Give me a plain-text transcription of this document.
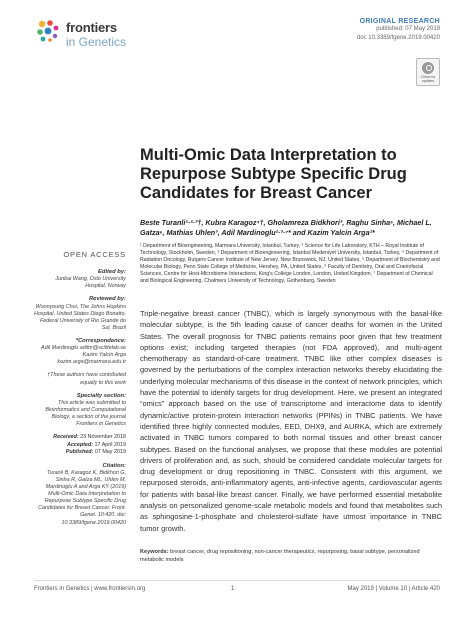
frontiers
in Genetics
ORIGINAL RESEARCH
published: 07 May 2019
doi: 10.3389/fgene.2019.00420
Check for updates
Multi-Omic Data Interpretation to Repurpose Subtype Specific Drug Candidates for Breast Cancer
Beste Turanli¹·²·³†, Kubra Karagoz⁴†, Gholamreza Bidkhori³, Raghu Sinha⁵, Michael L. Gatza⁶, Mathias Uhlen³, Adil Mardinoglu²·³·⁷* and Kazim Yalcin Arga¹*
¹ Department of Bioengineering, Marmara University, Istanbul, Turkey, ² Science for Life Laboratory, KTH – Royal Institute of Technology, Stockholm, Sweden, ³ Department of Bioengineering, Istanbul Medeniyet University, Istanbul, Turkey, ⁴ Department of Radiation Oncology, Rutgers Cancer Institute of New Jersey, New Brunswick, NJ, United States, ⁵ Department of Biochemistry and Molecular Biology, Penn State College of Medicine, Hershey, PA, United States, ⁶ Faculty of Dentistry, Oral and Craniofacial Sciences, Centre for Host-Microbiome Interactions, King's College London, London, United Kingdom, ⁷ Department of Chemical and Biological Engineering, Chalmers University of Technology, Gothenburg, Sweden
OPEN ACCESS
Edited by:
Junbai Wang, Oslo University Hospital, Norway
Reviewed by:
Woonyoung Choi, The Johns Hopkins Hospital, United States Diego Bonatto, Federal University of Rio Grande do Sul, Brazil
*Correspondence:
Adil Mardinoglu adilm@scilifelab.se Kazim Yalcin Arga kazim.arga@marmara.edu.tr
†These authors have contributed equally to this work
Specialty section:
This article was submitted to Bioinformatics and Computational Biology, a section of the journal Frontiers in Genetics
Received: 23 November 2018
Accepted: 17 April 2019
Published: 07 May 2019
Citation:
Turanli B, Karagoz K, Bidkhori G, Sinha R, Gatza ML, Uhlen M, Mardinoglu A and Arga KY (2019) Multi-Omic Data Interpretation to Repurpose Subtype Specific Drug Candidates for Breast Cancer. Front. Genet. 10:420. doi: 10.3389/fgene.2019.00420
Triple-negative breast cancer (TNBC), which is largely synonymous with the basal-like molecular subtype, is the 5th leading cause of cancer deaths for women in the United States. The overall prognosis for TNBC patients remains poor given that few treatment options exist; including targeted therapies (not FDA approved), and multi-agent chemotherapy as standard-of-care treatment. TNBC like other complex diseases is governed by the perturbations of the complex interaction networks thereby elucidating the underlying molecular mechanisms of this disease in the context of network principles, which have the potential to identify targets for drug development. Here, we present an integrated “omics” approach based on the use of transcriptome and interactome data to identify dynamic/active protein-protein interaction networks (PPINs) in TNBC patients. We have identified three highly connected modules, EED, DHX9, and AURKA, which are extremely activated in TNBC tumors compared to both normal tissues and other breast cancer subtypes. Based on the functional analyses, we propose that these modules are potential drivers of proliferation and, as such, should be considered candidate molecular targets for drug development or drug repositioning in TNBC. Consistent with this argument, we repurposed steroids, anti-inflammatory agents, anti-infective agents, cardiovascular agents for patients with basal-like breast cancer. Finally, we have performed essential metabolite analysis on personalized genome-scale metabolic models and found that metabolites such as sphingosine-1-phosphate and cholesterol-sulfate have utmost importance in TNBC tumor growth.
Keywords: breast cancer, drug repositioning, non-cancer therapeutics, repurposing, basal subtype, personalized metabolic models
Frontiers in Genetics | www.frontiersin.org	1	May 2019 | Volume 10 | Article 420
